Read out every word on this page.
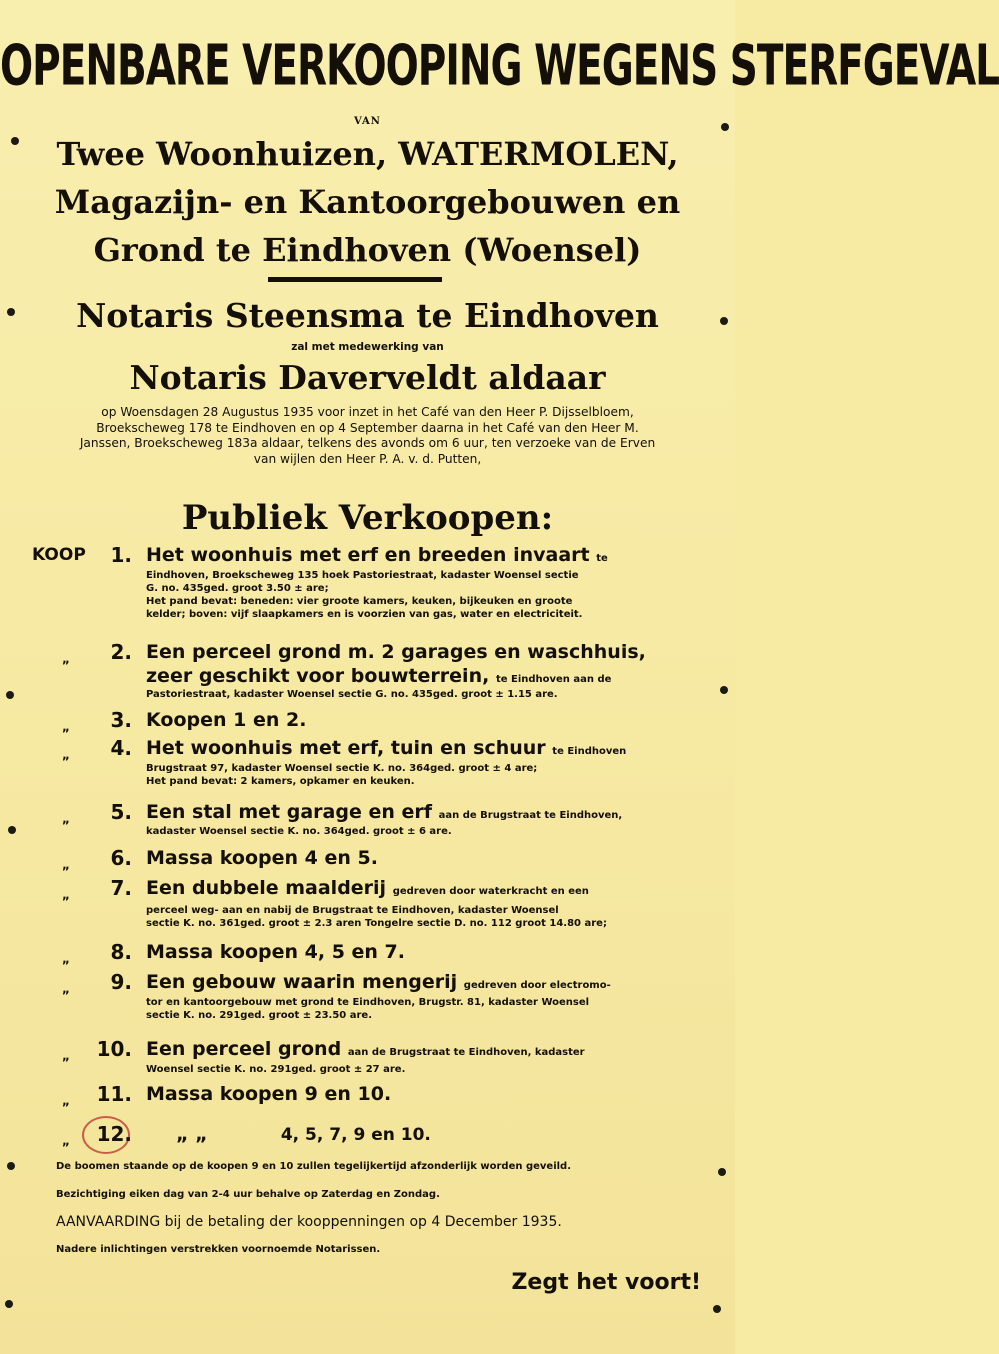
OPENBARE VERKOOPING WEGENS STERFGEVAL
VAN
Twee Woonhuizen, WATERMOLEN,
Magazijn- en Kantoorgebouwen en
Grond te Eindhoven (Woensel)
Notaris Steensma te Eindhoven
zal met medewerking van
Notaris Daverveldt aldaar
op Woensdagen 28 Augustus 1935 voor inzet in het Café van den Heer P. Dijsselbloem,
Broekscheweg 178 te Eindhoven en op 4 September daarna in het Café van den Heer M.
Janssen, Broekscheweg 183a aldaar, telkens des avonds om 6 uur, ten verzoeke van de Erven
van wijlen den Heer P. A. v. d. Putten,
Publiek Verkoopen:
KOOP	1. Het woonhuis met erf en breeden invaart te
Eindhoven, Broekscheweg 135 hoek Pastoriestraat, kadaster Woensel sectie
G. no. 435ged. groot 3.50 ± are;
Het pand bevat: beneden: vier groote kamers, keuken, bijkeuken en groote
kelder; boven: vijf slaapkamers en is voorzien van gas, water en electriciteit.
„	2. Een perceel grond m. 2 garages en waschhuis,
zeer geschikt voor bouwterrein, te Eindhoven aan de
Pastoriestraat, kadaster Woensel sectie G. no. 435ged. groot ± 1.15 are.
„	3. Koopen 1 en 2.
„	4. Het woonhuis met erf, tuin en schuur te Eindhoven
Brugstraat 97, kadaster Woensel sectie K. no. 364ged. groot ± 4 are;
Het pand bevat: 2 kamers, opkamer en keuken.
„	5. Een stal met garage en erf aan de Brugstraat te Eindhoven,
kadaster Woensel sectie K. no. 364ged. groot ± 6 are.
„	6. Massa koopen 4 en 5.
„	7. Een dubbele maalderij gedreven door waterkracht en een
perceel weg- aan en nabij de Brugstraat te Eindhoven, kadaster Woensel
sectie K. no. 361ged. groot ± 2.3 aren Tongelre sectie D. no. 112 groot 14.80 are;
„	8. Massa koopen 4, 5 en 7.
„	9. Een gebouw waarin mengerij gedreven door electromo-
tor en kantoorgebouw met grond te Eindhoven, Brugstr. 81, kadaster Woensel
sectie K. no. 291ged. groot ± 23.50 are.
„ 10. Een perceel grond aan de Brugstraat te Eindhoven, kadaster
Woensel sectie K. no. 291ged. groot ± 27 are.
„ 11. Massa koopen 9 en 10.
„ 12. „ „	4, 5, 7, 9 en 10.
De boomen staande op de koopen 9 en 10 zullen tegelijkertijd afzonderlijk worden geveild.
Bezichtiging eiken dag van 2-4 uur behalve op Zaterdag en Zondag.
AANVAARDING bij de betaling der kooppenningen op 4 December 1935.
Nadere inlichtingen verstrekken voornoemde Notarissen.
Zegt het voort!
